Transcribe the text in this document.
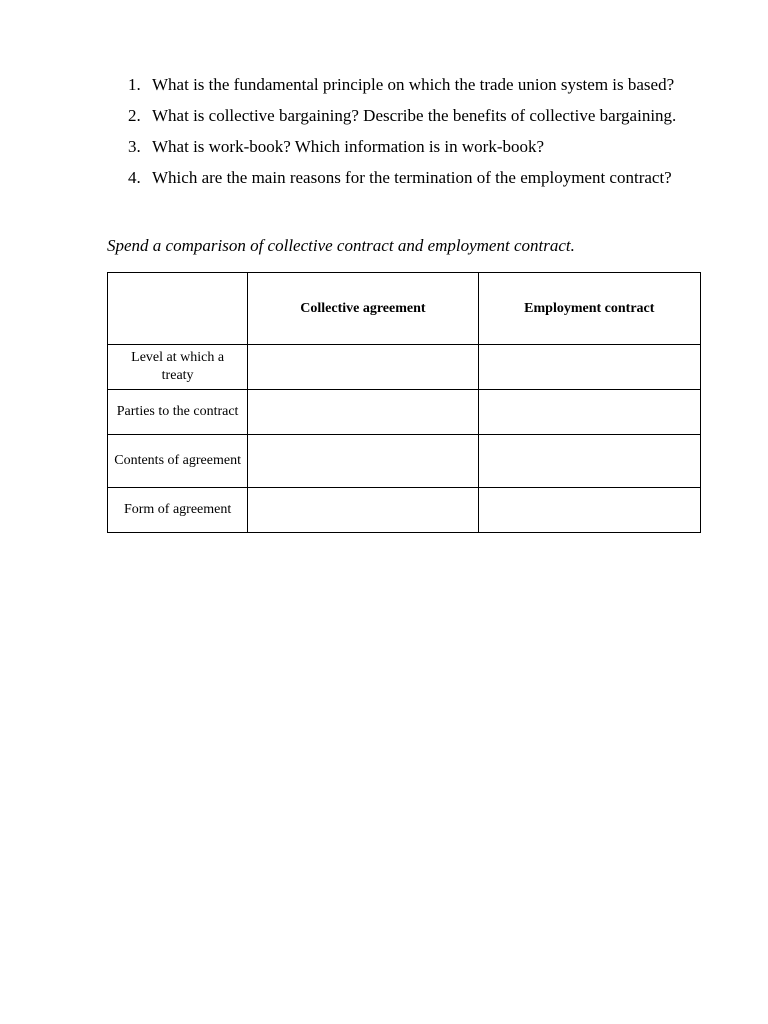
1. What is the fundamental principle on which the trade union system is based?
2. What is collective bargaining? Describe the benefits of collective bargaining.
3. What is work-book? Which information is in work-book?
4. Which are the main reasons for the termination of the employment contract?

Spend a comparison of collective contract and employment contract.

	Collective agreement	Employment contract
Level at which a treaty		
Parties to the contract		
Contents of agreement		
Form of agreement		
